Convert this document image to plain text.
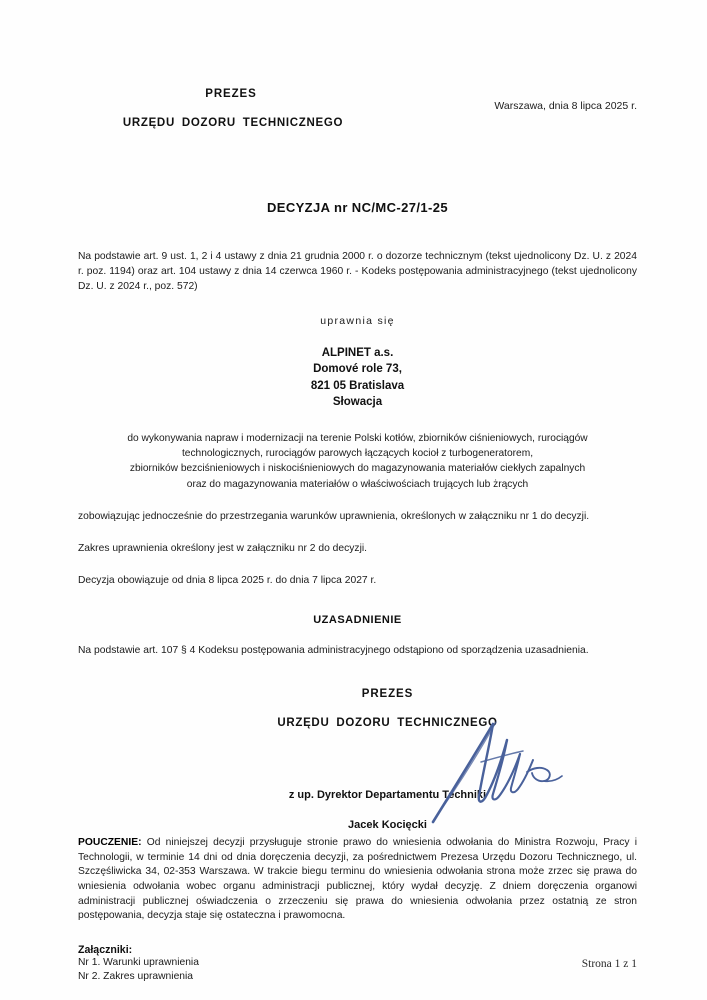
PREZES
URZĘDU DOZORU TECHNICZNEGO
Warszawa, dnia 8 lipca 2025 r.
DECYZJA nr NC/MC-27/1-25
Na podstawie art. 9 ust. 1, 2 i 4 ustawy z dnia 21 grudnia 2000 r. o dozorze technicznym (tekst ujednolicony Dz. U. z 2024 r. poz. 1194) oraz art. 104 ustawy z dnia 14 czerwca 1960 r. - Kodeks postępowania administracyjnego (tekst ujednolicony Dz. U. z 2024 r., poz. 572)
uprawnia się
ALPINET a.s.
Domové role 73,
821 05 Bratislava
Słowacja
do wykonywania napraw i modernizacji na terenie Polski kotłów, zbiorników ciśnieniowych, rurociągów
technologicznych, rurociągów parowych łączących kocioł z turbogeneratorem,
zbiorników bezciśnieniowych i niskociśnieniowych do magazynowania materiałów ciekłych zapalnych
oraz do magazynowania materiałów o właściwościach trujących lub żrących
zobowiązując jednocześnie do przestrzegania warunków uprawnienia, określonych w załączniku nr 1 do decyzji.
Zakres uprawnienia określony jest w załączniku nr 2 do decyzji.
Decyzja obowiązuje od dnia 8 lipca 2025 r. do dnia 7 lipca 2027 r.
UZASADNIENIE
Na podstawie art. 107 § 4 Kodeksu postępowania administracyjnego odstąpiono od sporządzenia uzasadnienia.
PREZES
URZĘDU DOZORU TECHNICZNEGO
z up. Dyrektor Departamentu Techniki
Jacek Kocięcki
POUCZENIE: Od niniejszej decyzji przysługuje stronie prawo do wniesienia odwołania do Ministra Rozwoju, Pracy i Technologii, w terminie 14 dni od dnia doręczenia decyzji, za pośrednictwem Prezesa Urzędu Dozoru Technicznego, ul. Szczęśliwicka 34, 02-353 Warszawa. W trakcie biegu terminu do wniesienia odwołania strona może zrzec się prawa do wniesienia odwołania wobec organu administracji publicznej, który wydał decyzję. Z dniem doręczenia organowi administracji publicznej oświadczenia o zrzeczeniu się prawa do wniesienia odwołania przez ostatnią ze stron postępowania, decyzja staje się ostateczna i prawomocna.
Załączniki:
Nr 1. Warunki uprawnienia
Nr 2. Zakres uprawnienia
Strona 1 z 1
